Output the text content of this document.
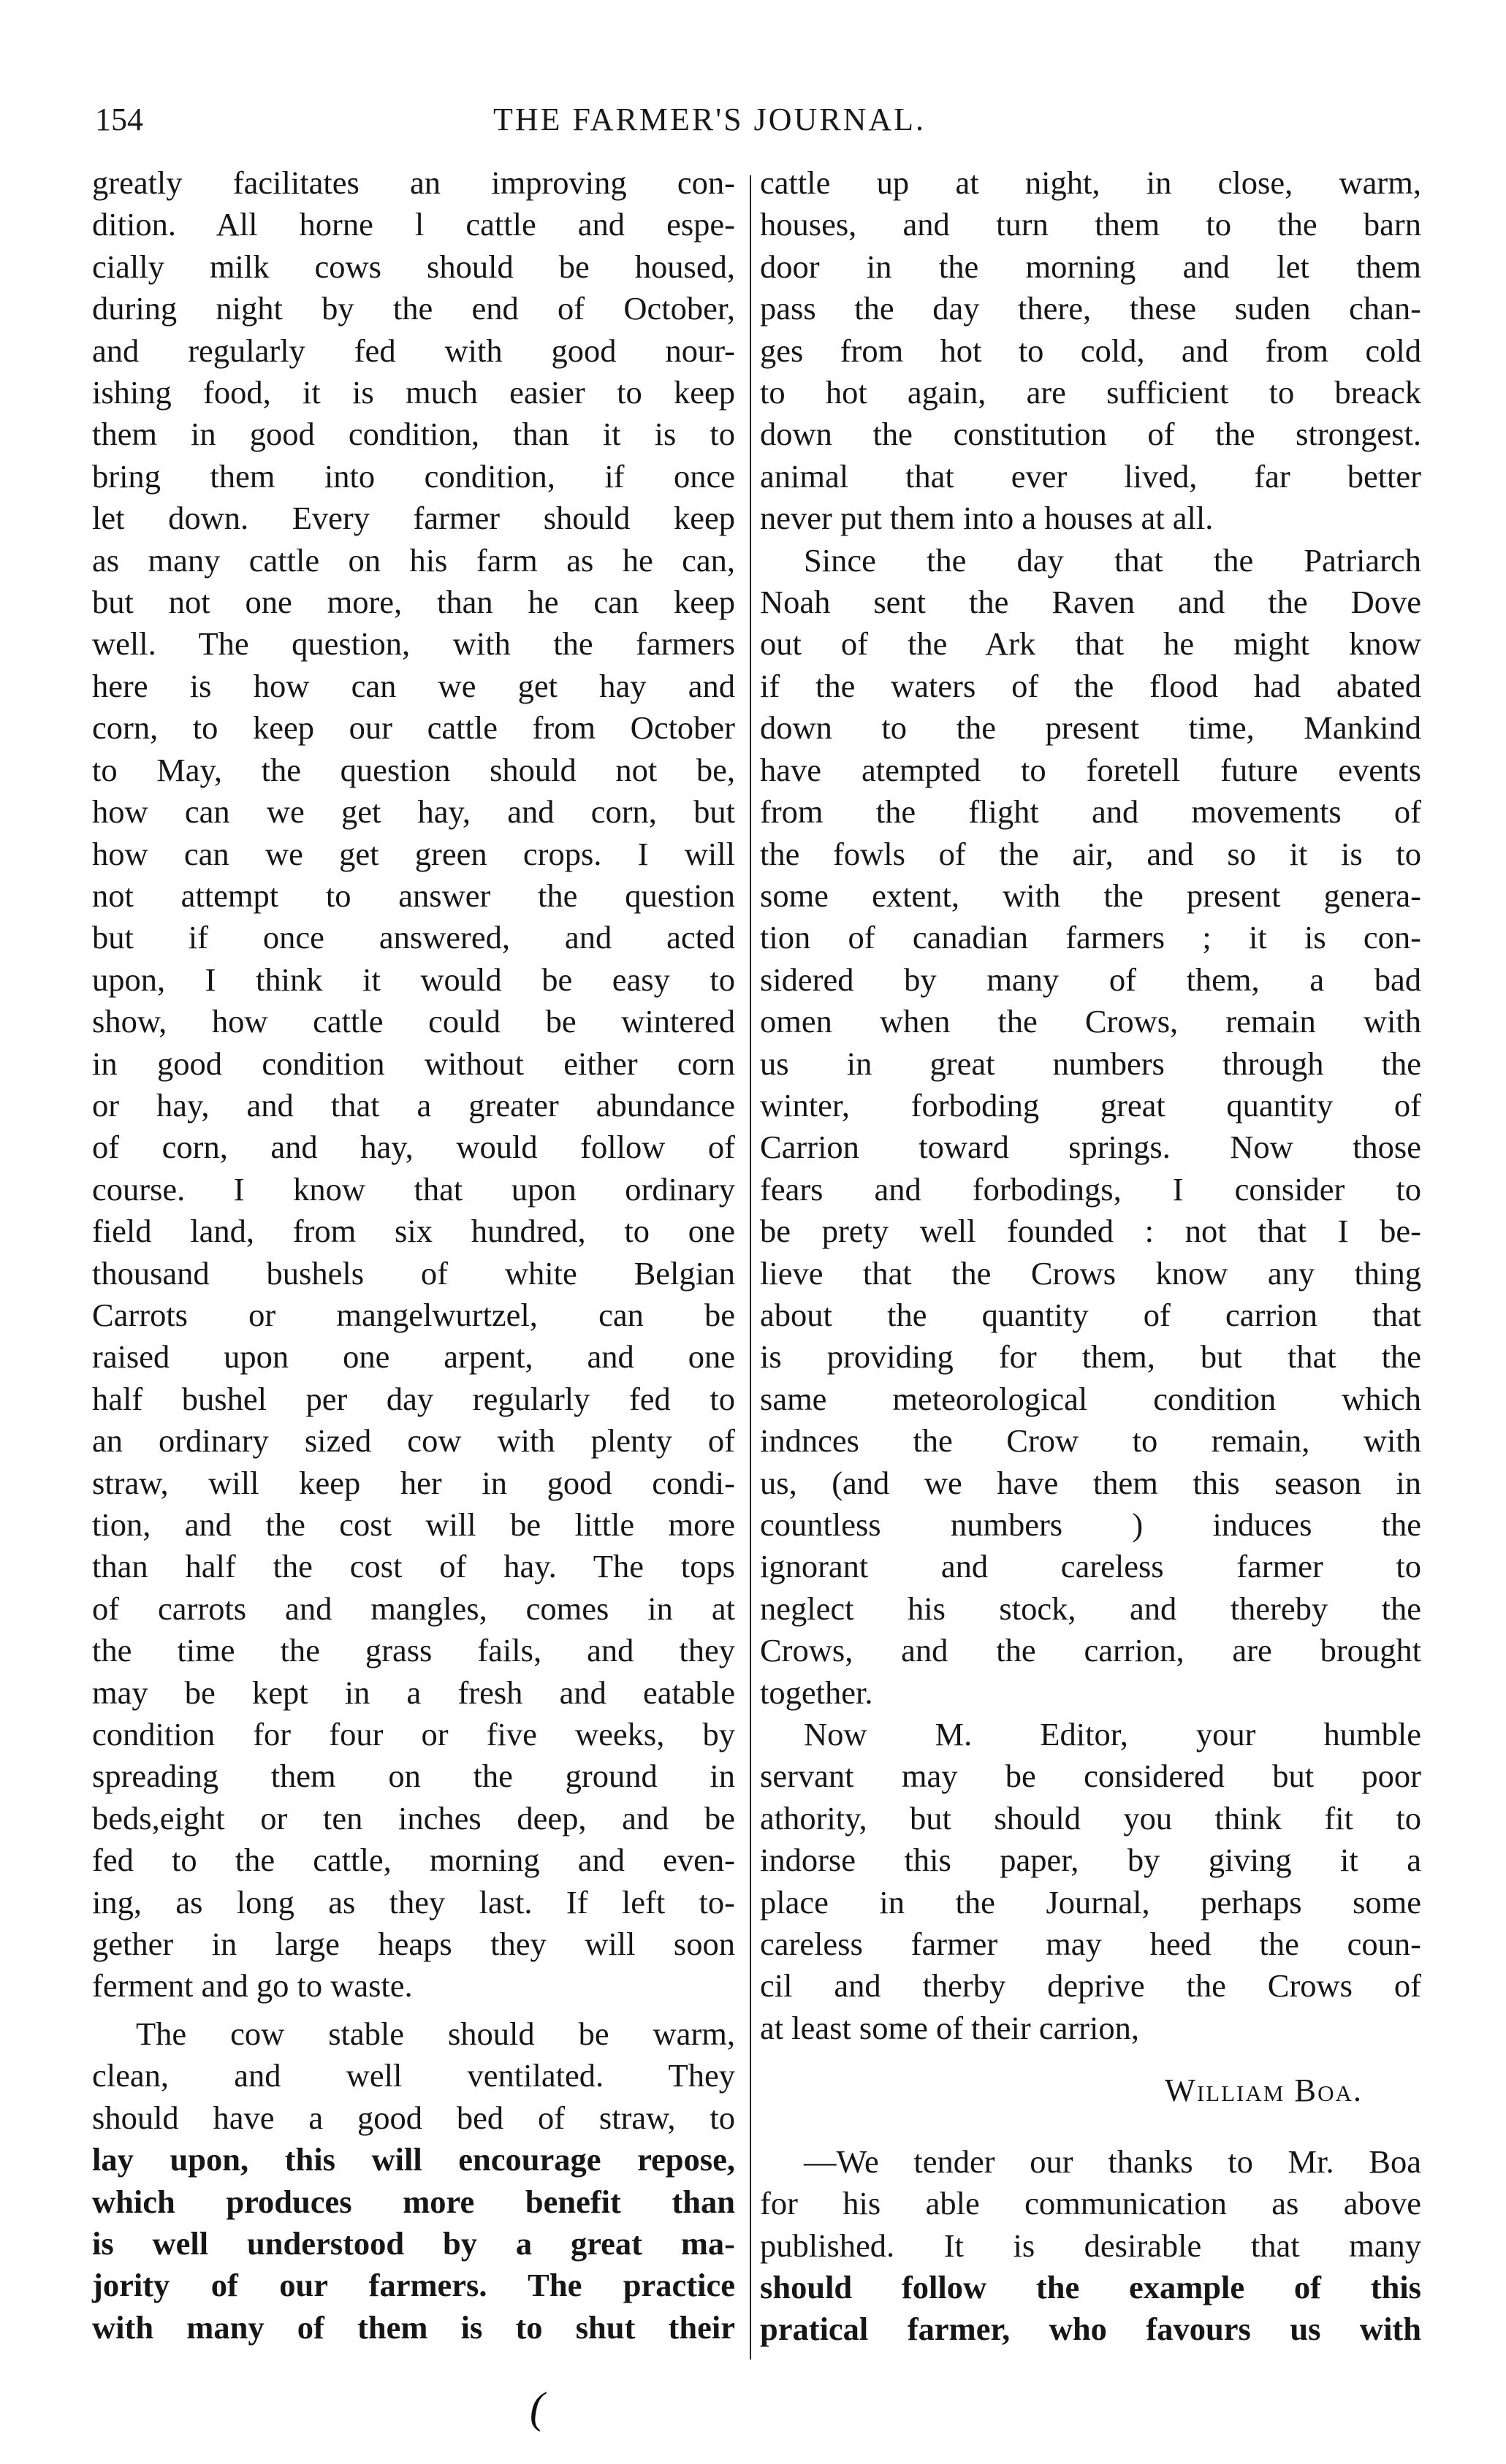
154	THE FARMER'S JOURNAL.
greatly facilitates an improving con-
dition. All horne l cattle and espe-
cially milk cows should be housed,
during night by the end of October,
and regularly fed with good nour-
ishing food, it is much easier to keep
them in good condition, than it is to
bring them into condition, if once
let down. Every farmer should keep
as many cattle on his farm as he can,
but not one more, than he can keep
well. The question, with the farmers
here is how can we get hay and
corn, to keep our cattle from October
to May, the question should not be,
how can we get hay, and corn, but
how can we get green crops. I will
not attempt to answer the question
but if once answered, and acted
upon, I think it would be easy to
show, how cattle could be wintered
in good condition without either corn
or hay, and that a greater abundance
of corn, and hay, would follow of
course. I know that upon ordinary
field land, from six hundred, to one
thousand bushels of white Belgian
Carrots or mangelwurtzel, can be
raised upon one arpent, and one
half bushel per day regularly fed to
an ordinary sized cow with plenty of
straw, will keep her in good condi-
tion, and the cost will be little more
than half the cost of hay. The tops
of carrots and mangles, comes in at
the time the grass fails, and they
may be kept in a fresh and eatable
condition for four or five weeks, by
spreading them on the ground in
beds,eight or ten inches deep, and be
fed to the cattle, morning and even-
ing, as long as they last. If left to-
gether in large heaps they will soon
ferment and go to waste.
The cow stable should be warm,
clean, and well ventilated. They
should have a good bed of straw, to
lay upon, this will encourage repose,
which produces more benefit than
is well understood by a great ma-
jority of our farmers. The practice
with many of them is to shut their
cattle up at night, in close, warm,
houses, and turn them to the barn
door in the morning and let them
pass the day there, these suden chan-
ges from hot to cold, and from cold
to hot again, are sufficient to breack
down the constitution of the strongest.
animal that ever lived, far better
never put them into a houses at all.
Since the day that the Patriarch
Noah sent the Raven and the Dove
out of the Ark that he might know
if the waters of the flood had abated
down to the present time, Mankind
have atempted to foretell future events
from the flight and movements of
the fowls of the air, and so it is to
some extent, with the present genera-
tion of canadian farmers ; it is con-
sidered by many of them, a bad
omen when the Crows, remain with
us in great numbers through the
winter, forboding great quantity of
Carrion toward springs. Now those
fears and forbodings, I consider to
be prety well founded : not that I be-
lieve that the Crows know any thing
about the quantity of carrion that
is providing for them, but that the
same meteorological condition which
indnces the Crow to remain, with
us, (and we have them this season in
countless numbers ) induces the
ignorant and careless farmer to
neglect his stock, and thereby the
Crows, and the carrion, are brought
together.
Now M. Editor, your humble
servant may be considered but poor
athority, but should you think fit to
indorse this paper, by giving it a
place in the Journal, perhaps some
careless farmer may heed the coun-
cil and therby deprive the Crows of
at least some of their carrion,
William Boa.
—We tender our thanks to Mr. Boa
for his able communication as above
published. It is desirable that many
should follow the example of this
pratical farmer, who favours us with
(
